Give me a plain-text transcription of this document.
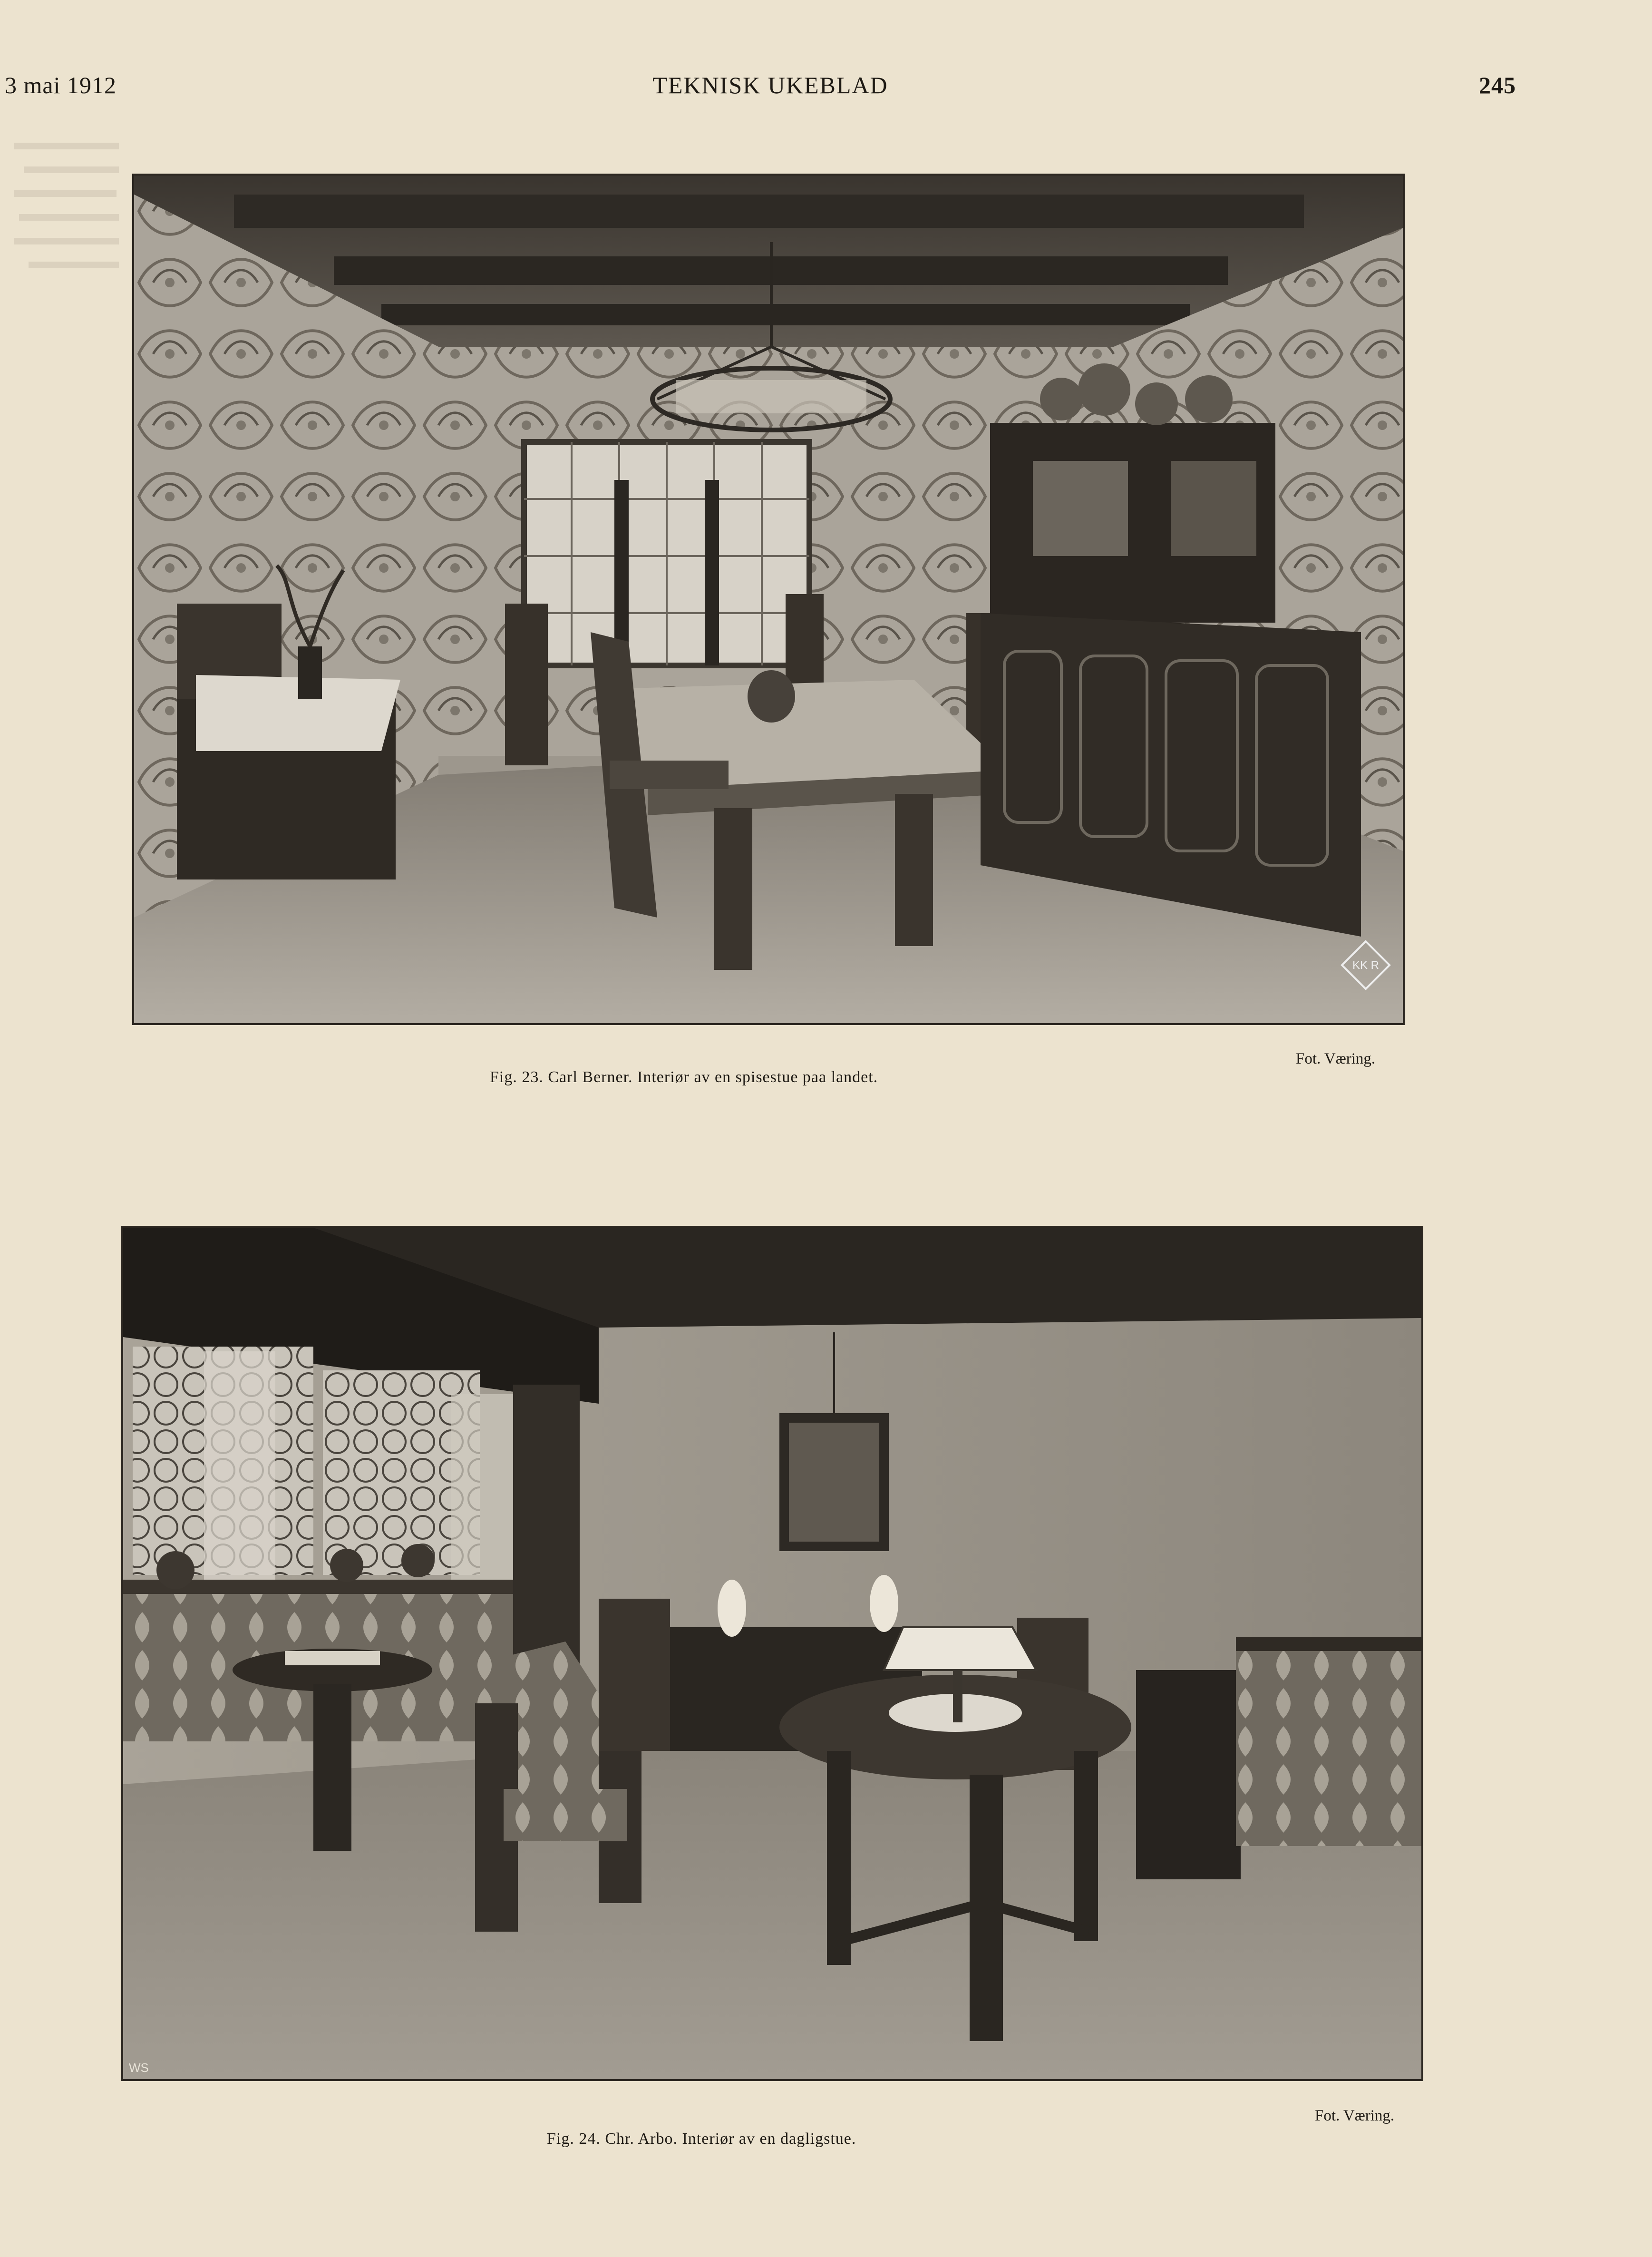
3 mai 1912	TEKNISK UKEBLAD	245
KK R
Fig. 23. Carl Berner. Interiør av en spisestue paa landet.
Fot. Væring.
WS
Fig. 24. Chr. Arbo. Interiør av en dagligstue.
Fot. Væring.
